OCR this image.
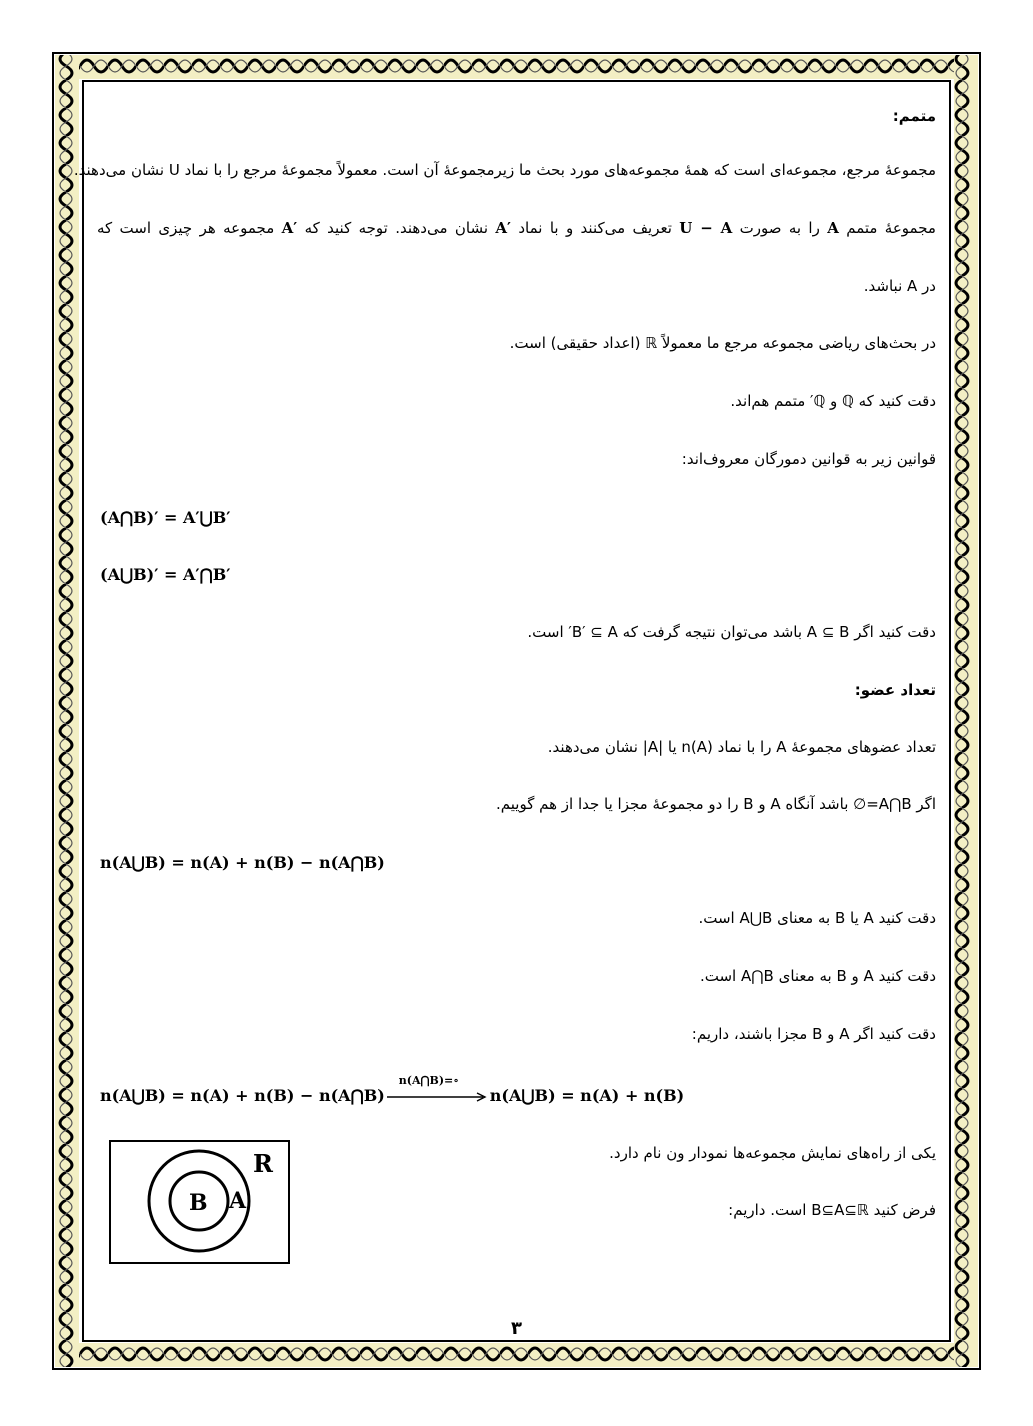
متمم:
مجموعهٔ مرجع، مجموعه‌ای است که همهٔ مجموعه‌های مورد بحث ما زیرمجموعهٔ آن است. معمولاً مجموعهٔ مرجع را با نماد U نشان می‌دهند.
مجموعهٔ متمم A را به صورت U − A تعریف می‌کنند و با نماد A′ نشان می‌دهند. توجه کنید که A′ مجموعه هر چیزی است که
در A نباشد.
در بحث‌های ریاضی مجموعه مرجع ما معمولاً ℝ (اعداد حقیقی) است.
دقت کنید که ℚ و ℚ′ متمم هم‌اند.
قوانین زیر به قوانین دمورگان معروف‌اند:
(A⋂B)′ = A′⋃B′
(A⋃B)′ = A′⋂B′
دقت کنید اگر A ⊆ B باشد می‌توان نتیجه گرفت که B′ ⊆ A′ است.
تعداد عضو:
تعداد عضوهای مجموعهٔ A را با نماد n(A) یا |A| نشان می‌دهند.
اگر A⋂B=∅ باشد آنگاه A و B را دو مجموعهٔ مجزا یا جدا از هم گوییم.
n(A⋃B) = n(A) + n(B) − n(A⋂B)
دقت کنید A یا B به معنای A⋃B است.
دقت کنید A و B به معنای A⋂B است.
دقت کنید اگر A و B مجزا باشند، داریم:
n(A⋃B) = n(A) + n(B) − n(A⋂B)
n(A⋂B)=∘
n(A⋃B) = n(A) + n(B)
یکی از راه‌های نمایش مجموعه‌ها نمودار ون نام دارد.
فرض کنید B⊆A⊆ℝ است. داریم:
R
A
B
۳
